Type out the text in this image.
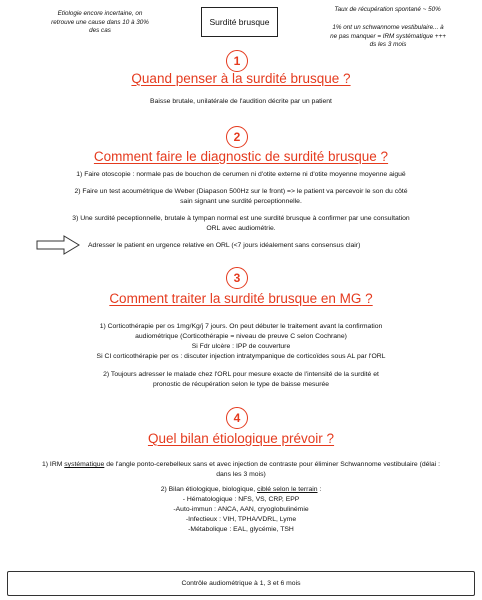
Etiologie encore incertaine, on retrouve une cause dans 10 à 30% des cas
Surdité brusque
Taux de récupération spontané ~ 50%
1% ont un schwannome vestibulaire... à ne pas manquer = IRM systématique +++ ds les 3 mois
1
Quand penser à la surdité brusque ?
Baisse brutale, unilatérale de l'audition décrite par un patient
2
Comment faire le diagnostic de surdité brusque ?
1) Faire otoscopie : normale pas de bouchon de cerumen ni d'otite externe ni d'otite moyenne moyenne aiguë
2) Faire un test acoumétrique de Weber (Diapason 500Hz sur le front) => le patient va percevoir le son du côté
sain signant une surdité perceptionnelle.
3) Une surdité peceptionnelle, brutale à tympan normal est une surdité brusque à confirmer par une consultation
ORL avec audiométrie.
Adresser le patient en urgence relative en ORL (<7 jours idéalement sans consensus clair)
3
Comment traiter la surdité brusque en MG ?
1) Corticothérapie per os 1mg/Kg/j 7 jours. On peut débuter le traitement avant la confirmation
audiométrique (Corticothérapie = niveau de preuve C selon Cochrane)
Si Fdr ulcère : IPP de couverture
Si CI corticothérapie per os : discuter injection intratympanique de corticoïdes sous AL par l'ORL
2) Toujours adresser le malade chez l'ORL pour mesure exacte de l'intensité de la surdité et
pronostic de récupération selon le type de baisse mesurée
4
Quel bilan étiologique prévoir ?
1) IRM systématique de l'angle ponto-cerebelleux sans et avec injection de contraste pour éliminer Schwannome vestibulaire (délai :
dans les 3 mois)
2) Bilan étiologique, biologique, ciblé selon le terrain :
- Hématologique : NFS, VS, CRP, EPP
-Auto-immun : ANCA, AAN, cryoglobulinémie
-Infectieux : VIH, TPHA/VDRL, Lyme
-Métabolique : EAL, glycémie, TSH
Contrôle audiométrique à 1, 3 et 6 mois
